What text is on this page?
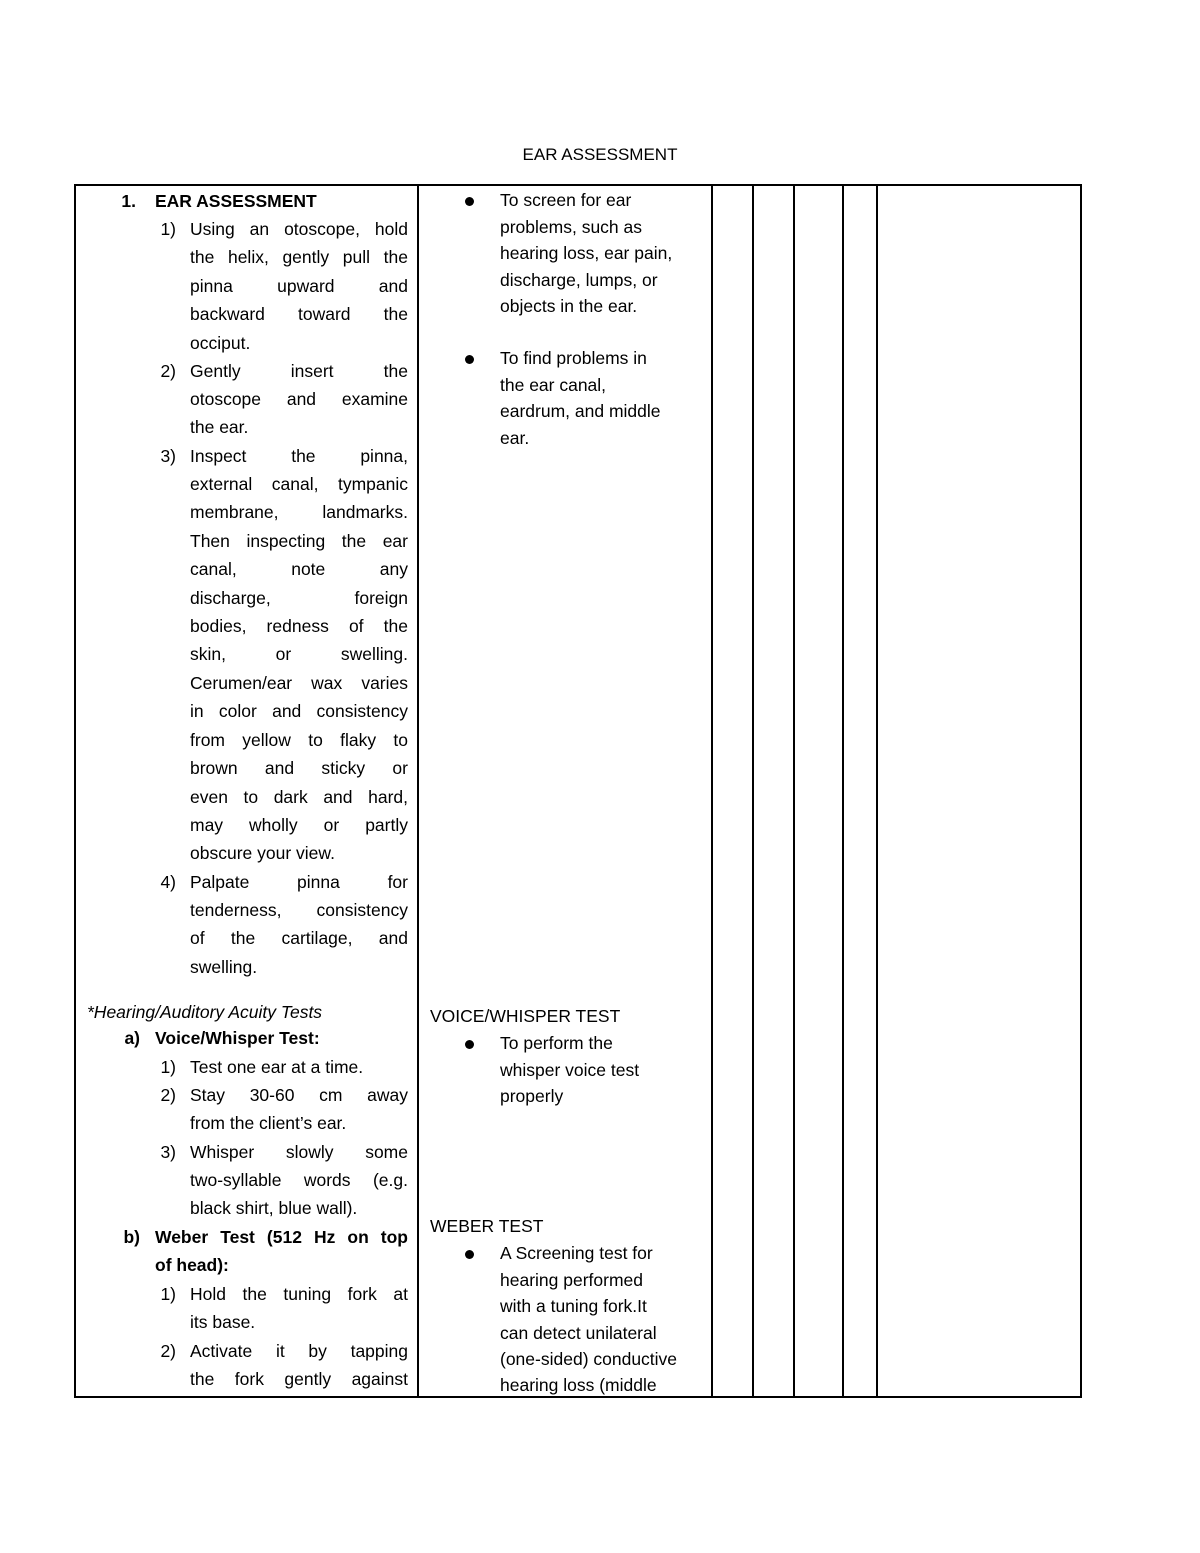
EAR ASSESSMENT
1. EAR ASSESSMENT
1) Using an otoscope, hold
the helix, gently pull the
pinna upward and
backward toward the
occiput.
2) Gently insert the
otoscope and examine
the ear.
3) Inspect the pinna,
external canal, tympanic
membrane, landmarks.
Then inspecting the ear
canal, note any
discharge, foreign
bodies, redness of the
skin, or swelling.
Cerumen/ear wax varies
in color and consistency
from yellow to flaky to
brown and sticky or
even to dark and hard,
may wholly or partly
obscure your view.
4) Palpate pinna for
tenderness, consistency
of the cartilage, and
swelling.
*Hearing/Auditory Acuity Tests
a) Voice/Whisper Test:
1) Test one ear at a time.
2) Stay 30-60 cm away
from the client’s ear.
3) Whisper slowly some
two-syllable words (e.g.
black shirt, blue wall).
b) Weber Test (512 Hz on top
of head):
1) Hold the tuning fork at
its base.
2) Activate it by tapping
the fork gently against
To screen for ear
problems, such as
hearing loss, ear pain,
discharge, lumps, or
objects in the ear.
To find problems in
the ear canal,
eardrum, and middle
ear.
VOICE/WHISPER TEST
To perform the
whisper voice test
properly
WEBER TEST
A Screening test for
hearing performed
with a tuning fork.It
can detect unilateral
(one-sided) conductive
hearing loss (middle
